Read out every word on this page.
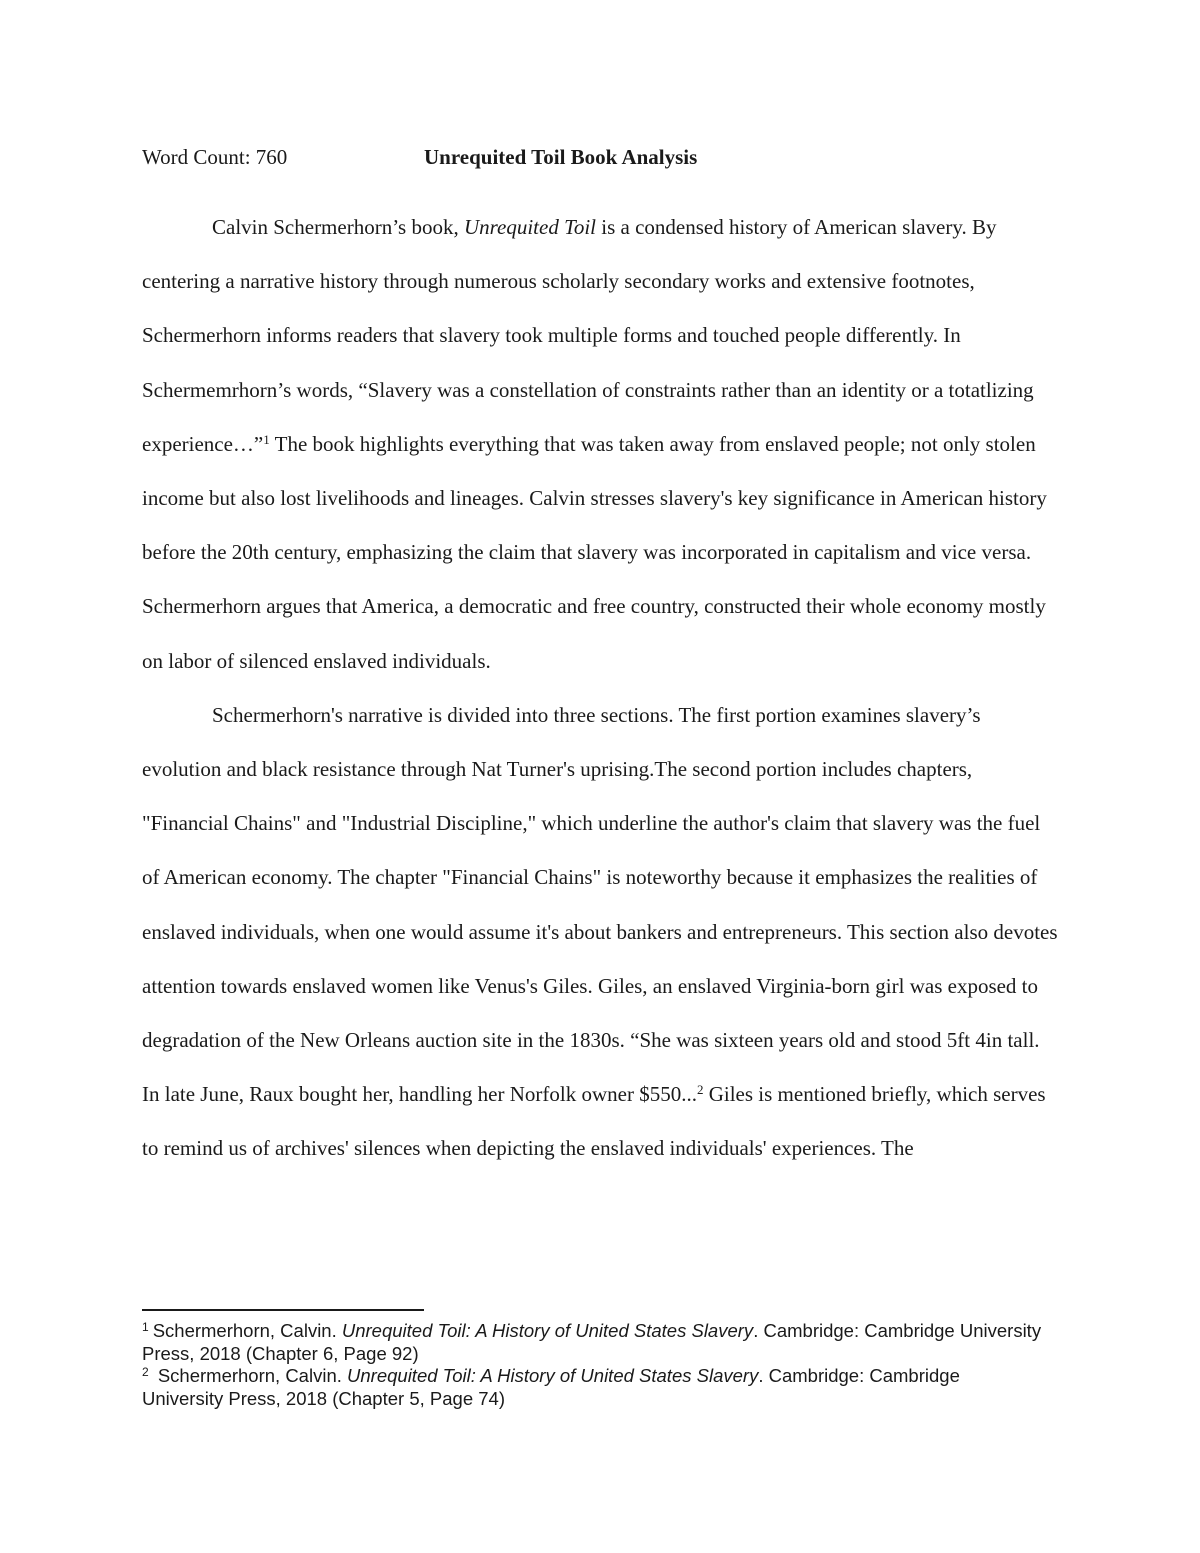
Word Count: 760	Unrequited Toil Book Analysis

Calvin Schermerhorn’s book, Unrequited Toil is a condensed history of American slavery. By centering a narrative history through numerous scholarly secondary works and extensive footnotes, Schermerhorn informs readers that slavery took multiple forms and touched people differently. In Schermemrhorn’s words, “Slavery was a constellation of constraints rather than an identity or a totatlizing experience…”$^1$ The book highlights everything that was taken away from enslaved people; not only stolen income but also lost livelihoods and lineages. Calvin stresses slavery's key significance in American history before the 20th century, emphasizing the claim that slavery was incorporated in capitalism and vice versa. Schermerhorn argues that America, a democratic and free country, constructed their whole economy mostly on labor of silenced enslaved individuals.

Schermerhorn's narrative is divided into three sections. The first portion examines slavery’s evolution and black resistance through Nat Turner's uprising.The second portion includes chapters, "Financial Chains" and "Industrial Discipline," which underline the author's claim that slavery was the fuel of American economy. The chapter "Financial Chains" is noteworthy because it emphasizes the realities of enslaved individuals, when one would assume it's about bankers and entrepreneurs. This section also devotes attention towards enslaved women like Venus's Giles. Giles, an enslaved Virginia-born girl was exposed to degradation of the New Orleans auction site in the 1830s. “She was sixteen years old and stood 5ft 4in tall. In late June, Raux bought her, handling her Norfolk owner $550...$^2$ Giles is mentioned briefly, which serves to remind us of archives' silences when depicting the enslaved individuals' experiences. The

$^1$ Schermerhorn, Calvin. Unrequited Toil: A History of United States Slavery. Cambridge: Cambridge University Press, 2018 (Chapter 6, Page 92)

$^2$ Schermerhorn, Calvin. Unrequited Toil: A History of United States Slavery. Cambridge: Cambridge University Press, 2018 (Chapter 5, Page 74)
